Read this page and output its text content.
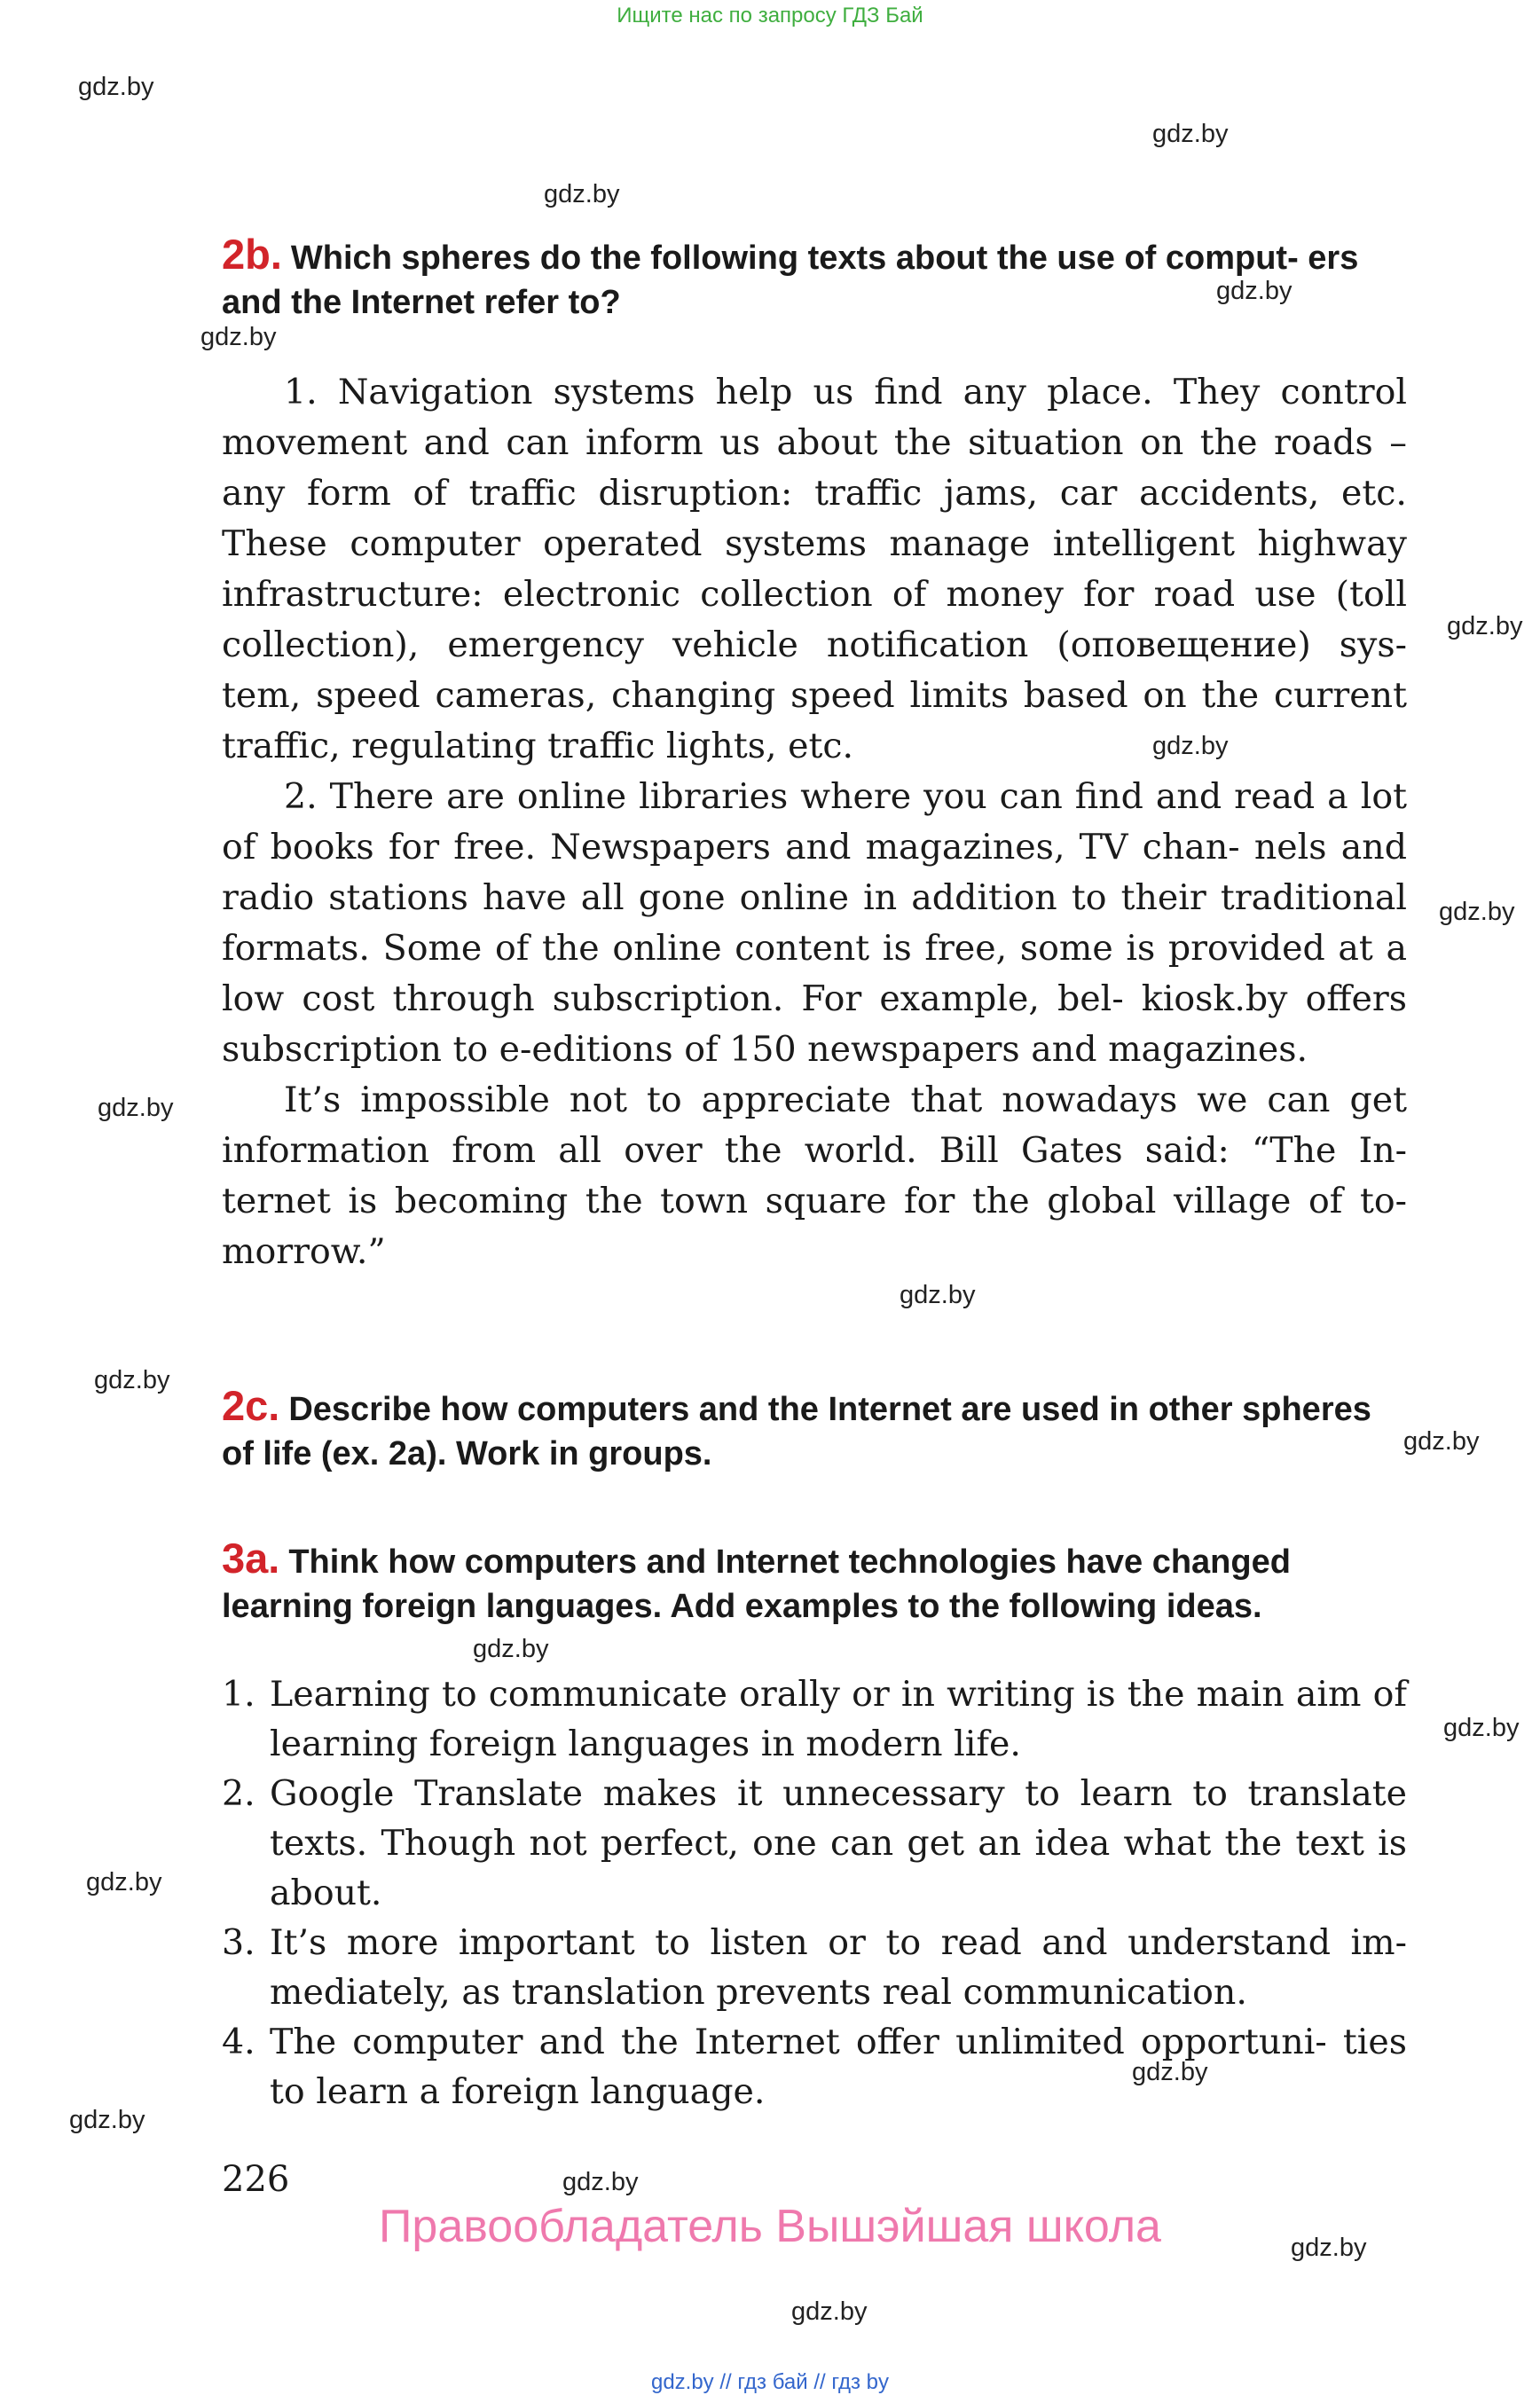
Ищите нас по запросу ГДЗ Бай
gdz.by
gdz.by
gdz.by
gdz.by
gdz.by
gdz.by
gdz.by
gdz.by
gdz.by
gdz.by
gdz.by
gdz.by
gdz.by
gdz.by
gdz.by
gdz.by
gdz.by
gdz.by
gdz.by
gdz.by
2b. Which spheres do the following texts about the use of comput- ers and the Internet refer to?

1. Navigation systems help us find any place. They control movement and can inform us about the situation on the roads – any form of traffic disruption: traffic jams, car accidents, etc. These computer operated systems manage intelligent highway infrastructure: electronic collection of money for road use (toll collection), emergency vehicle notification (оповещение) sys- tem, speed cameras, changing speed limits based on the current traffic, regulating traffic lights, etc.

2. There are online libraries where you can find and read a lot of books for free. Newspapers and magazines, TV chan- nels and radio stations have all gone online in addition to their traditional formats. Some of the online content is free, some is provided at a low cost through subscription. For example, bel- kiosk.by offers subscription to e-editions of 150 newspapers and magazines.

It’s impossible not to appreciate that nowadays we can get information from all over the world. Bill Gates said: “The In- ternet is becoming the town square for the global village of to- morrow.”

2c. Describe how computers and the Internet are used in other spheres of life (ex. 2a). Work in groups.
3a. Think how computers and Internet technologies have changed learning foreign languages. Add examples to the following ideas.
1. Learning to communicate orally or in writing is the main aim of learning foreign languages in modern life.
2. Google Translate makes it unnecessary to learn to translate texts. Though not perfect, one can get an idea what the text is about.
3. It’s more important to listen or to read and understand im- mediately, as translation prevents real communication.
4. The computer and the Internet offer unlimited opportuni- ties to learn a foreign language.
226
Правообладатель Вышэйшая школа
gdz.by // гдз бай // гдз by
